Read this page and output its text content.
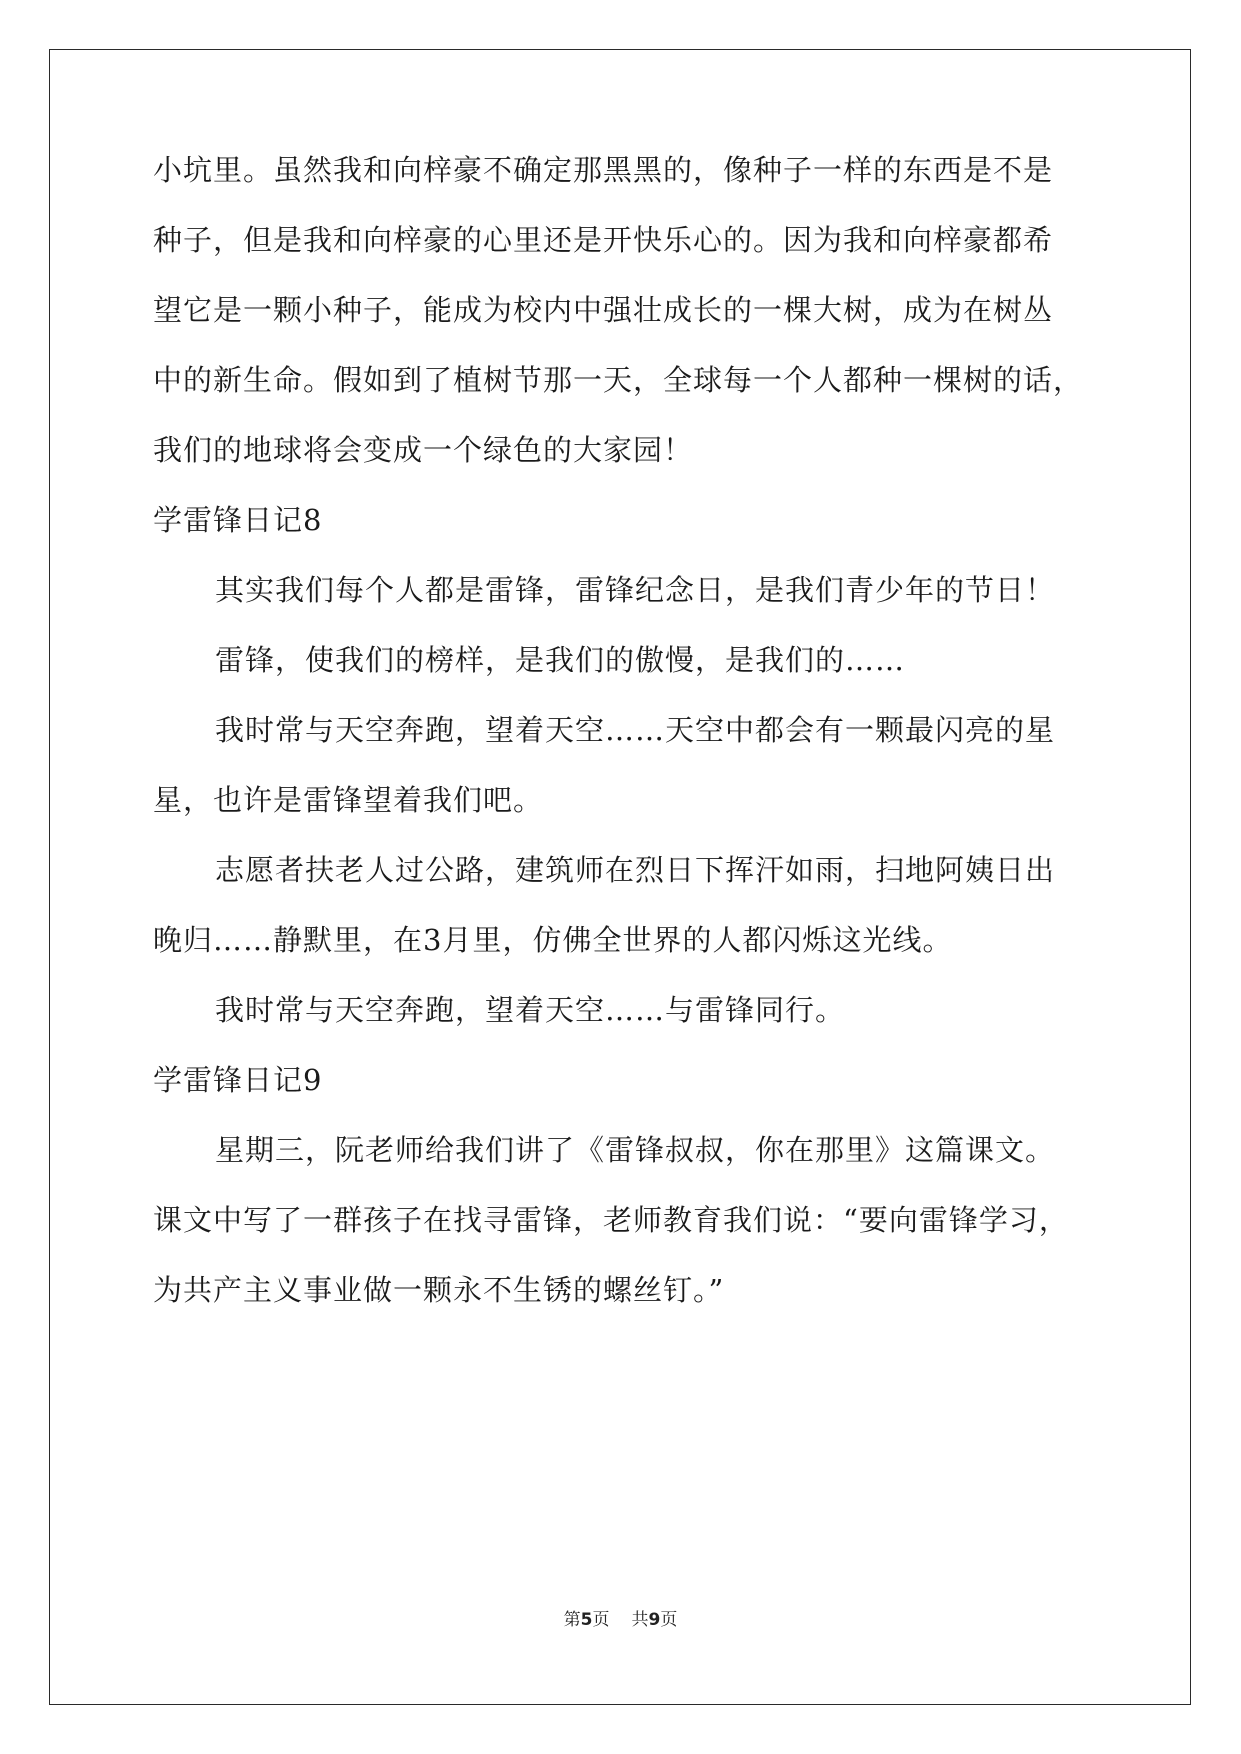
小坑里。虽然我和向梓豪不确定那黑黑的，像种子一样的东西是不是
种子，但是我和向梓豪的心里还是开快乐心的。因为我和向梓豪都希
望它是一颗小种子，能成为校内中强壮成长的一棵大树，成为在树丛
中的新生命。假如到了植树节那一天，全球每一个人都种一棵树的话，
我们的地球将会变成一个绿色的大家园！
学雷锋日记8
其实我们每个人都是雷锋，雷锋纪念日，是我们青少年的节日！
雷锋，使我们的榜样，是我们的傲慢，是我们的……
我时常与天空奔跑，望着天空……天空中都会有一颗最闪亮的星
星，也许是雷锋望着我们吧。
志愿者扶老人过公路，建筑师在烈日下挥汗如雨，扫地阿姨日出
晚归……静默里，在3月里，仿佛全世界的人都闪烁这光线。
我时常与天空奔跑，望着天空……与雷锋同行。
学雷锋日记9
星期三，阮老师给我们讲了《雷锋叔叔，你在那里》这篇课文。
课文中写了一群孩子在找寻雷锋，老师教育我们说：“要向雷锋学习，
为共产主义事业做一颗永不生锈的螺丝钉。”
第5页 共9页
